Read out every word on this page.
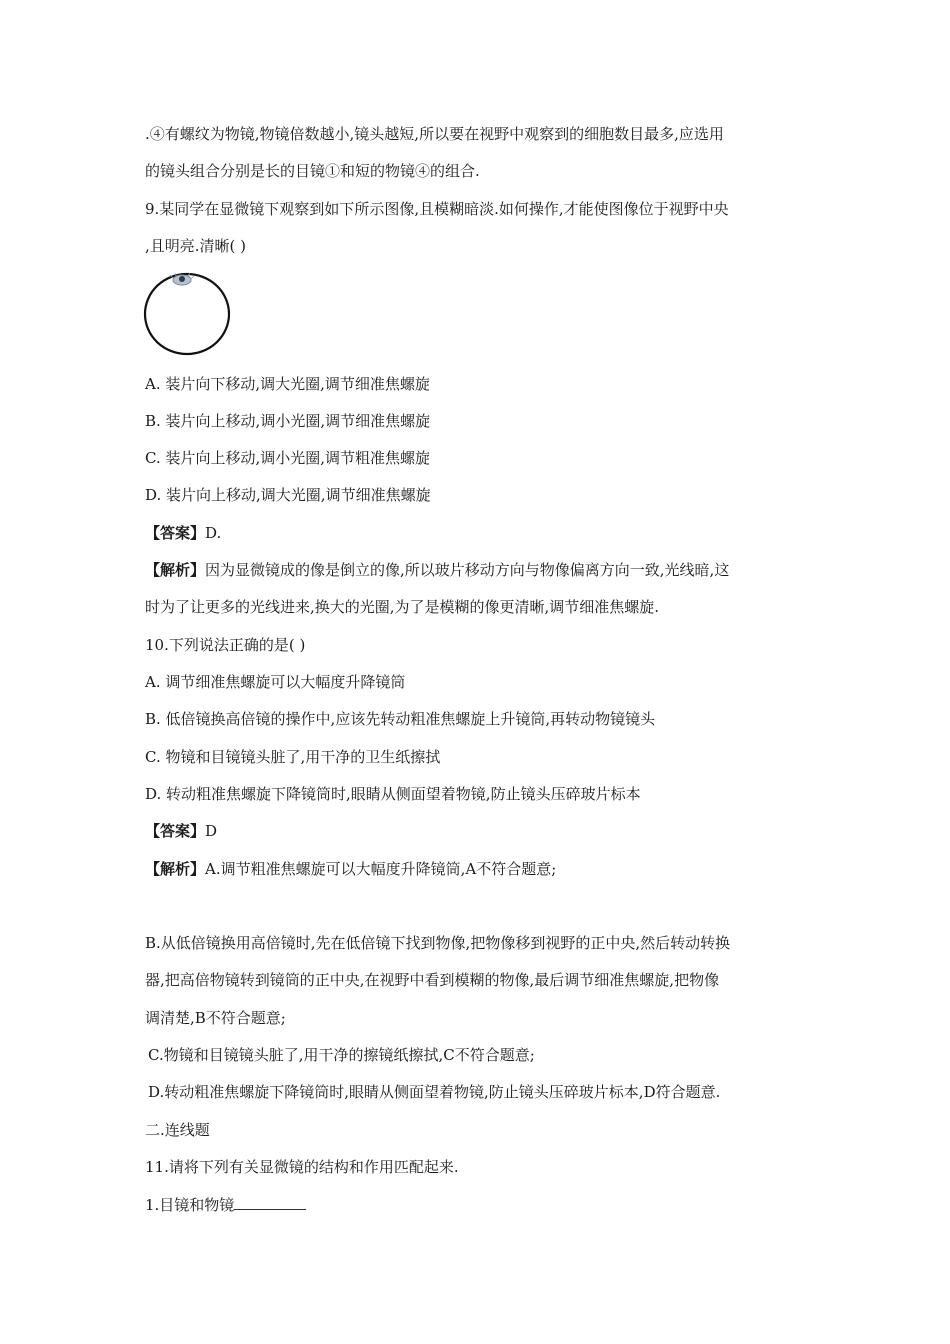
.④有螺纹为物镜,物镜倍数越小,镜头越短,所以要在视野中观察到的细胞数目最多,应选用
的镜头组合分别是长的目镜①和短的物镜④的组合.
9.某同学在显微镜下观察到如下所示图像,且模糊暗淡.如何操作,才能使图像位于视野中央
,且明亮.清晰( )
A. 装片向下移动,调大光圈,调节细准焦螺旋
B. 装片向上移动,调小光圈,调节细准焦螺旋
C. 装片向上移动,调小光圈,调节粗准焦螺旋
D. 装片向上移动,调大光圈,调节细准焦螺旋
【答案】D.
【解析】因为显微镜成的像是倒立的像,所以玻片移动方向与物像偏离方向一致,光线暗,这
时为了让更多的光线进来,换大的光圈,为了是模糊的像更清晰,调节细准焦螺旋.
10.下列说法正确的是( )
A. 调节细准焦螺旋可以大幅度升降镜筒
B. 低倍镜换高倍镜的操作中,应该先转动粗准焦螺旋上升镜筒,再转动物镜镜头
C. 物镜和目镜镜头脏了,用干净的卫生纸擦拭
D. 转动粗准焦螺旋下降镜筒时,眼睛从侧面望着物镜,防止镜头压碎玻片标本
【答案】D
【解析】A.调节粗准焦螺旋可以大幅度升降镜筒,A不符合题意;
B.从低倍镜换用高倍镜时,先在低倍镜下找到物像,把物像移到视野的正中央,然后转动转换
器,把高倍物镜转到镜筒的正中央,在视野中看到模糊的物像,最后调节细准焦螺旋,把物像
调清楚,B不符合题意;
C.物镜和目镜镜头脏了,用干净的擦镜纸擦拭,C不符合题意;
D.转动粗准焦螺旋下降镜筒时,眼睛从侧面望着物镜,防止镜头压碎玻片标本,D符合题意.
二.连线题
11.请将下列有关显微镜的结构和作用匹配起来.
1.目镜和物镜
